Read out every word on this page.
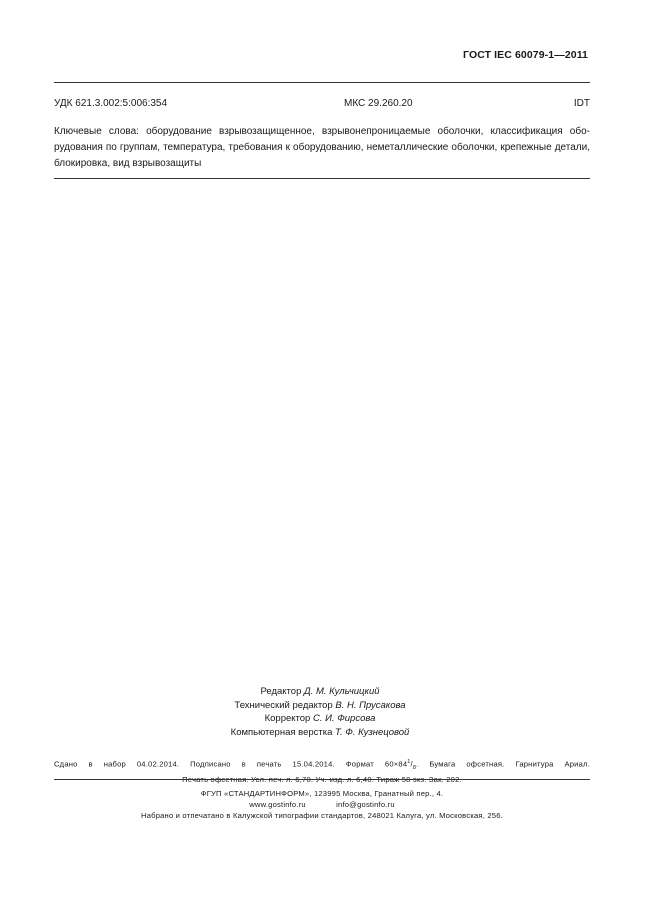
ГОСТ IEC 60079-1—2011
УДК 621.3.002:5:006:354	МКС 29.260.20	IDT
Ключевые слова: оборудование взрывозащищенное, взрывонепроницаемые оболочки, классификация обо-рудования по группам, температура, требования к оборудованию, неметаллические оболочки, крепежные детали, блокировка, вид взрывозащиты
Редактор Д. М. Кульчицкий
Технический редактор В. Н. Прусакова
Корректор С. И. Фирсова
Компьютерная верстка Т. Ф. Кузнецовой
Сдано в набор 04.02.2014. Подписано в печать 15.04.2014. Формат $60\times 84^1/_8$. Бумага офсетная. Гарнитура Ариал.
Печать офсетная. Усл. печ. л. 6,70. Уч.-изд. л. 6,40. Тираж 58 экз. Зак. 202.
ФГУП «СТАНДАРТИНФОРМ», 123995 Москва, Гранатный пер., 4.
www.gostinfo.ru	info@gostinfo.ru
Набрано и отпечатано в Калужской типографии стандартов, 248021 Калуга, ул. Московская, 256.
